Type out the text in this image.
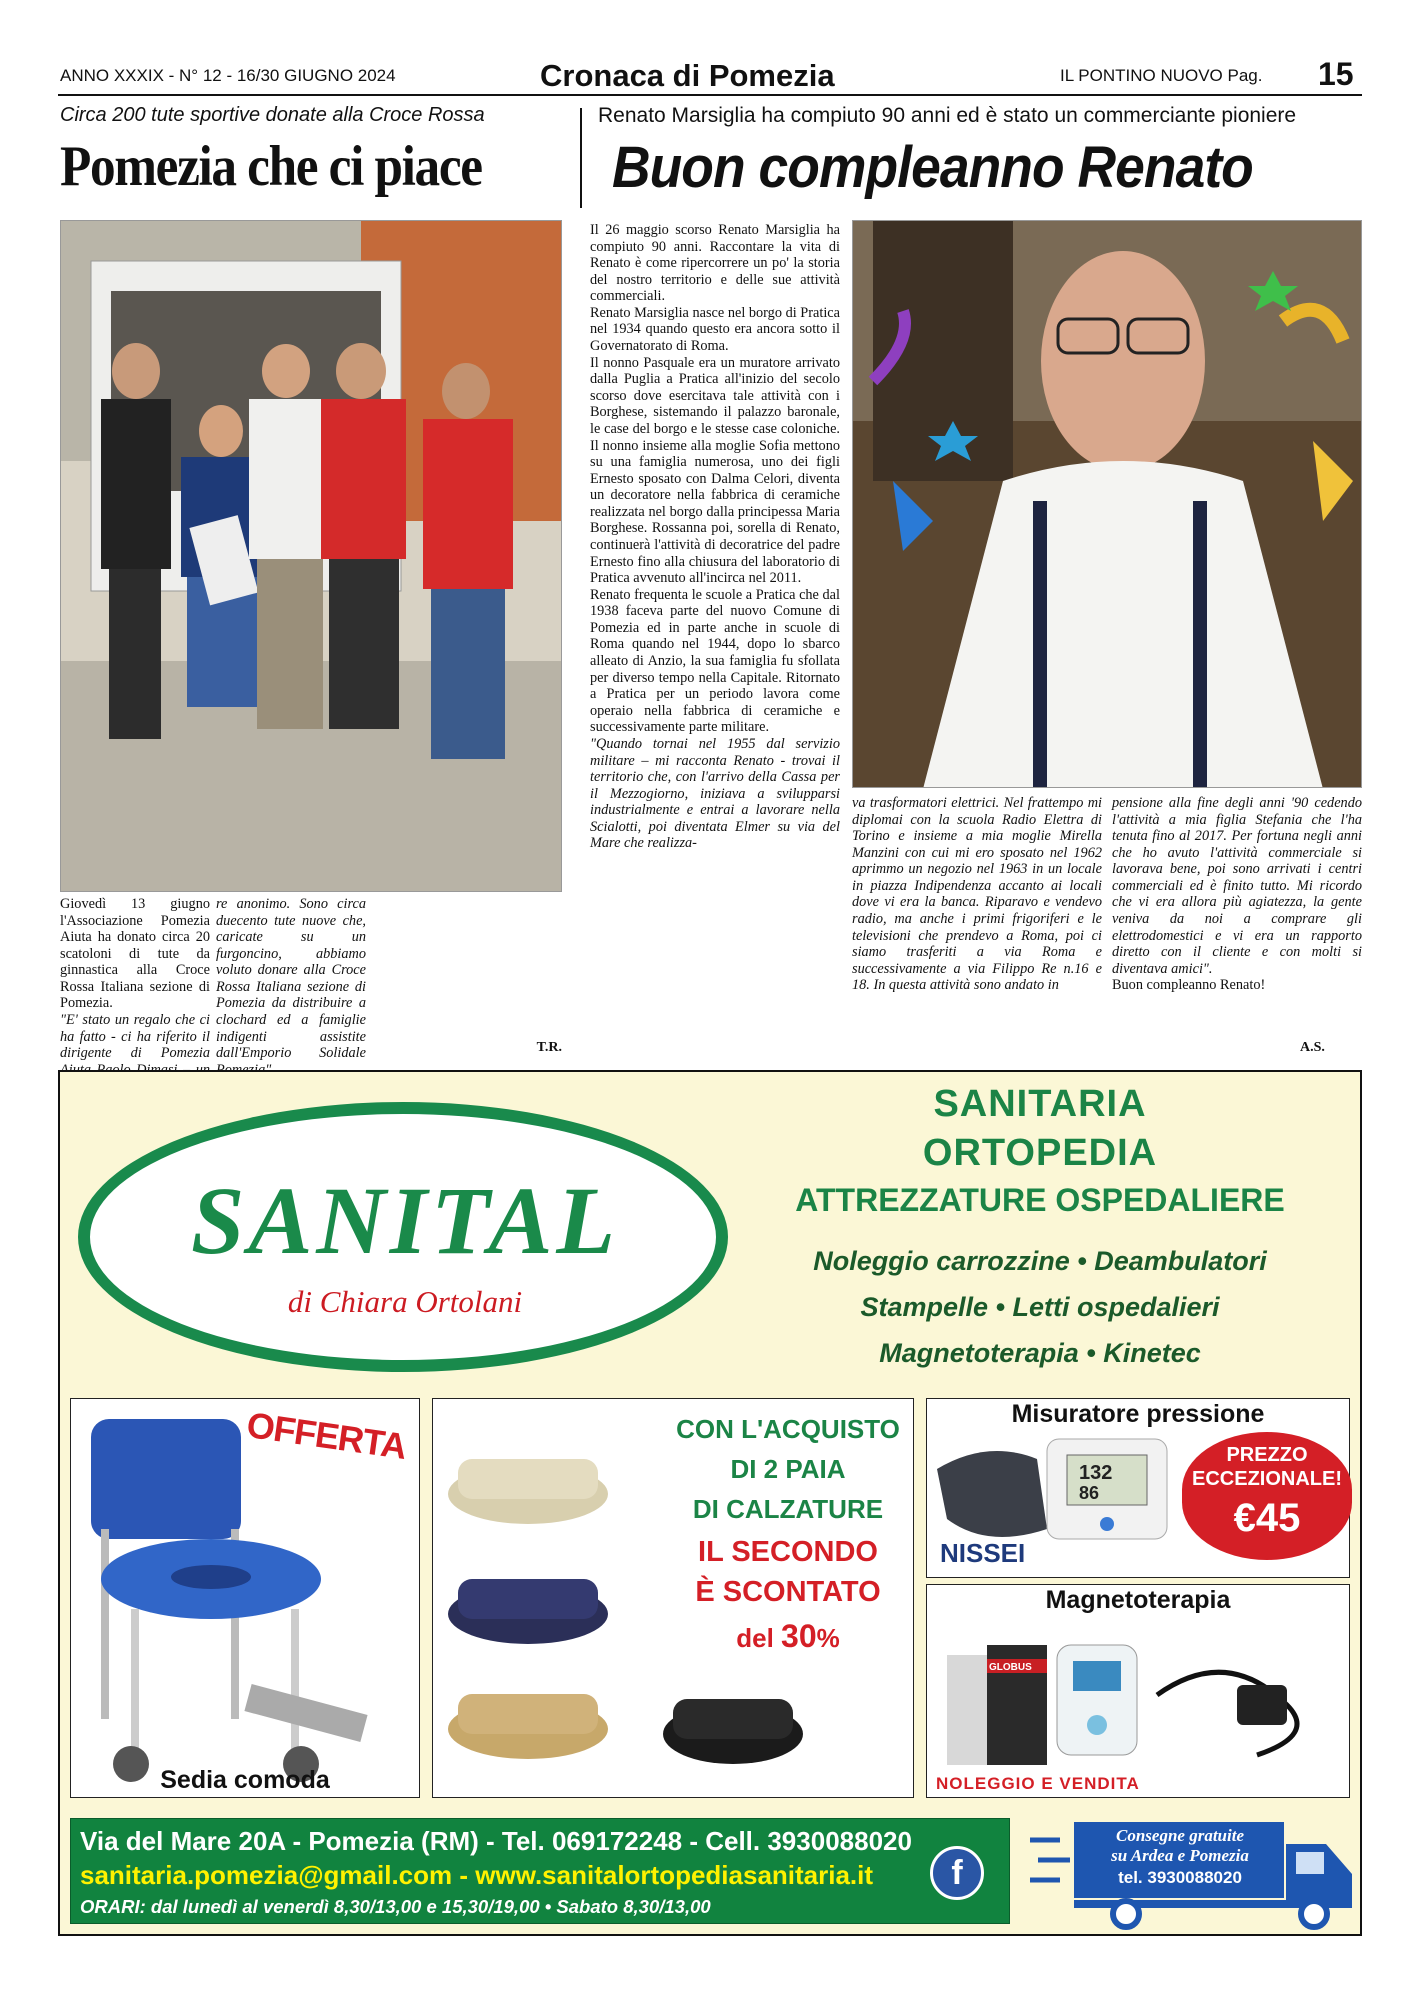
ANNO XXXIX - N° 12 - 16/30 GIUGNO 2024	Cronaca di Pomezia	IL PONTINO NUOVO Pag. 15
Circa 200 tute sportive donate alla Croce Rossa
Pomezia che ci piace

Giovedì 13 giugno l'Associazione Pomezia Aiuta ha donato circa 20 scatoloni di tute da ginnastica alla Croce Rossa Italiana sezione di Pomezia.

"E' stato un regalo che ci ha fatto - ci ha riferito il dirigente di Pomezia

re anonimo. Sono circa duecento tute nuove che, caricate su un furgoncino, abbiamo voluto donare alla Croce Rossa Italiana sezione di Pomezia da distribuire a clochard ed a famiglie indigenti assistite dall'Emporio Solidale	T.R.
Renato Marsiglia ha compiuto 90 anni ed è stato un commerciante pioniere
Buon compleanno Renato

Il 26 maggio scorso Renato Marsiglia ha compiuto 90 anni. Raccontare la vita di Renato è come ripercorrere un po' la storia del nostro territorio e delle sue attività commerciali.

Renato Marsiglia nasce nel borgo di Pratica nel 1934 quando questo era ancora sotto il Governatorato di Roma.

Il nonno Pasquale era un muratore arrivato dalla Puglia a Pratica all'inizio del secolo scorso dove esercitava tale attività con i Borghese, sistemando il palazzo baronale, le case del borgo e le stesse case coloniche. Il nonno insieme alla moglie Sofia mettono su una famiglia numerosa, uno dei figli Ernesto sposato con Dalma Celori, diventa un decoratore nella fabbrica di ceramiche realizzata nel borgo dalla principessa Maria Borghese. Rossanna poi, sorella di Renato, continuerà l'attività di decoratrice del padre Ernesto fino alla chiusura del laboratorio di Pratica avvenuto all'incirca nel 2011.

Renato frequenta le scuole a Pratica che dal 1938 faceva parte del nuovo Comune di Pomezia ed in parte anche in scuole di Roma quando nel 1944, dopo lo sbarco alleato di Anzio, la sua famiglia fu sfollata per diverso tempo nella Capitale. Ritornato a Pratica per un periodo lavora come operaio nella fabbrica di ceramiche e successivamente parte militare.

"Quando tornai nel 1955 dal servizio militare – mi racconta Renato - trovai il territorio che, con l'arrivo della Cassa per il Mezzogiorno, iniziava a svilupparsi industrialmente e entrai a lavorare nella Scialotti, poi diventata Elmer su via del Mare che realizza-

va trasformatori elettrici. Nel frattempo mi diplomai con la scuola Radio Elettra di Torino e insieme a mia moglie Mirella Manzini con cui mi ero sposato nel 1962 aprimmo un negozio nel 1963 in un locale in piazza Indipendenza accanto ai locali dove vi era la banca. Riparavo e vendevo radio, ma anche i primi frigoriferi e le televisioni che prendevo a Roma, poi ci siamo trasferiti a via Roma e successivamente a via Filippo Re n.16 e 18. In questa attività sono andato in

pensione alla fine degli anni '90 cedendo l'attività a mia figlia Stefania che l'ha tenuta fino al 2017. Per fortuna negli anni che ho avuto l'attività commerciale si lavorava bene, poi sono arrivati i centri commerciali ed è finito tutto. Mi ricordo che vi era allora più agiatezza, la gente veniva da noi a comprare gli elettrodomestici e vi era un rapporto diretto con il cliente e con molti si diventava amici".

Buon compleanno Renato!

A.S.
SANITAL
di Chiara Ortolani
SANITARIA
ORTOPEDIA
ATTREZZATURE OSPEDALIERE
Noleggio carrozzine • Deambulatori
Stampelle • Letti ospedalieri
Magnetoterapia • Kinetec
OFFERTA
Sedia comoda
CON L'ACQUISTO
DI 2 PAIA
DI CALZATURE
IL SECONDO
È SCONTATO
del 30%
132
86
Misuratore pressione
PREZZO
ECCEZIONALE!
€45
NISSEI
GLOBUS
Magnetoterapia
NOLEGGIO E VENDITA
Via del Mare 20A - Pomezia (RM) - Tel. 069172248 - Cell. 3930088020
sanitaria.pomezia@gmail.com - www.sanitalortopediasanitaria.it
ORARI: dal lunedì al venerdì 8,30/13,00 e 15,30/19,00 • Sabato 8,30/13,00
f
Consegne gratuite
su Ardea e Pomezia
tel. 3930088020
